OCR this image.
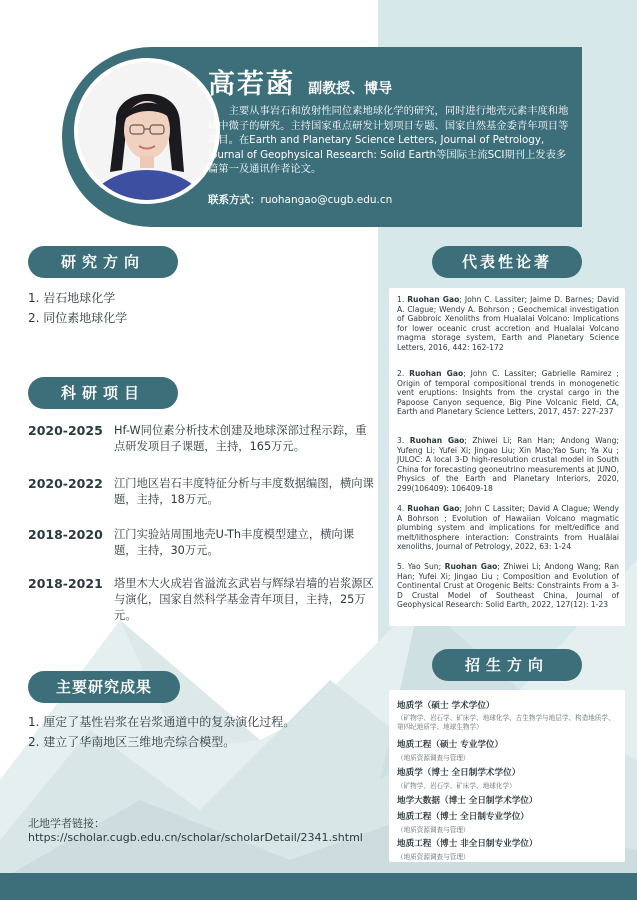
高若菡 副教授、博导
主要从事岩石和放射性同位素地球化学的研究，同时进行地壳元素丰度和地球中微子的研究。主持国家重点研发计划项目专题、国家自然基金委青年项目等项目。在Earth and Planetary Science Letters, Journal of Petrology, Journal of Geophysical Research: Solid Earth等国际主流SCI期刊上发表多篇第一及通讯作者论文。
联系方式：ruohangao@cugb.edu.cn
研究方向
1. 岩石地球化学
2. 同位素地球化学
科研项目
2020-2025 Hf-W同位素分析技术创建及地球深部过程示踪，重点研发项目子课题，主持，165万元。
2020-2022 江门地区岩石丰度特征分析与丰度数据编图，横向课题，主持，18万元。
2018-2020 江门实验站周围地壳U-Th丰度模型建立，横向课题，主持，30万元。
2018-2021 塔里木大火成岩省溢流玄武岩与辉绿岩墙的岩浆源区与演化，国家自然科学基金青年项目，主持，25万元。
主要研究成果
1. 厘定了基性岩浆在岩浆通道中的复杂演化过程。
2. 建立了华南地区三维地壳综合模型。
北地学者链接：
https://scholar.cugb.edu.cn/scholar/scholarDetail/2341.shtml
代表性论著
1. Ruohan Gao; John C. Lassiter; Jaime D. Barnes; David A. Clague; Wendy A. Bohrson ; Geochemical investigation of Gabbroic Xenoliths from Hualalai Volcano: Implications for lower oceanic crust accretion and Hualalai Volcano magma storage system, Earth and Planetary Science Letters, 2016, 442: 162-172
2. Ruohan Gao; John C. Lassiter; Gabrielle Ramirez ; Origin of temporal compositional trends in monogenetic vent eruptions: Insights from the crystal cargo in the Papoose Canyon sequence, Big Pine Volcanic Field, CA, Earth and Planetary Science Letters, 2017, 457: 227-237
3. Ruohan Gao; Zhiwei Li; Ran Han; Andong Wang; Yufeng Li; Yufei Xi; Jingao Liu; Xin Mao;Yao Sun; Ya Xu ; JULOC: A local 3-D high-resolution crustal model in South China for forecasting geoneutrino measurements at JUNO, Physics of the Earth and Planetary Interiors, 2020, 299(106409): 106409-18
4. Ruohan Gao; John C Lassiter; David A Clague; Wendy A Bohrson ; Evolution of Hawaiian Volcano magmatic plumbing system and implications for melt/edifice and melt/lithosphere interaction: Constraints from Hualālai xenoliths, Journal of Petrology, 2022, 63: 1-24
5. Yao Sun; Ruohan Gao; Zhiwei Li; Andong Wang; Ran Han; Yufei Xi; Jingao Liu ; Composition and Evolution of Continental Crust at Orogenic Belts: Constraints From a 3-D Crustal Model of Southeast China, Journal of Geophysical Research: Solid Earth, 2022, 127(12): 1-23
招生方向
地质学（硕士 学术学位）
（矿物学、岩石学、矿床学、地球化学、古生物学与地层学、构造地质学、第四纪地质学、地球生物学）
地质工程（硕士 专业学位）
（地质资源调查与管理）
地质学（博士 全日制学术学位）
（矿物学、岩石学、矿床学、地球化学）
地学大数据（博士 全日制学术学位）
地质工程（博士 全日制专业学位）
（地质资源调查与管理）
地质工程（博士 非全日制专业学位）
（地质资源调查与管理）
